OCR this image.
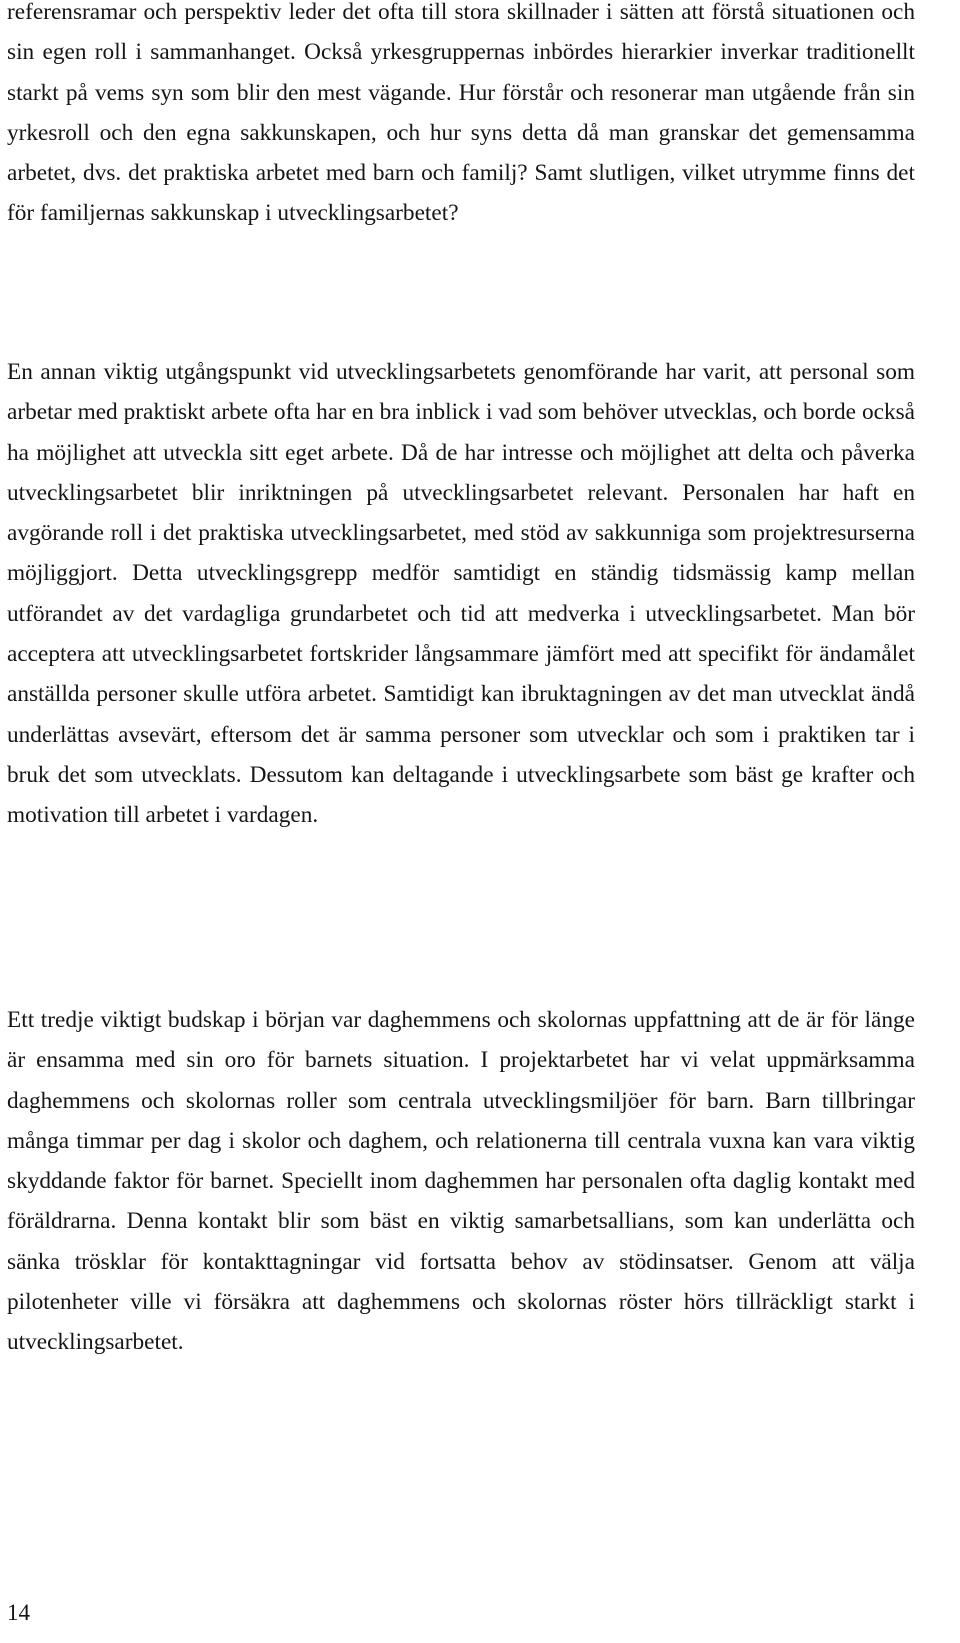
referensramar och perspektiv leder det ofta till stora skillnader i sätten att förstå situationen och sin egen roll i sammanhanget. Också yrkesgruppernas inbördes hierarkier inverkar traditionellt starkt på vems syn som blir den mest vägande. Hur förstår och resonerar man utgående från sin yrkesroll och den egna sakkunskapen, och hur syns detta då man granskar det gemensamma arbetet, dvs. det praktiska arbetet med barn och familj? Samt slutligen, vilket utrymme finns det för familjernas sakkunskap i utvecklingsarbetet?

En annan viktig utgångspunkt vid utvecklingsarbetets genomförande har varit, att personal som arbetar med praktiskt arbete ofta har en bra inblick i vad som behöver utvecklas, och borde också ha möjlighet att utveckla sitt eget arbete. Då de har intresse och möjlighet att delta och påverka utvecklingsarbetet blir inriktningen på utvecklingsarbetet relevant. Personalen har haft en avgörande roll i det praktiska utvecklingsarbetet, med stöd av sakkunniga som projektresurserna möjliggjort. Detta utvecklingsgrepp medför samtidigt en ständig tidsmässig kamp mellan utförandet av det vardagliga grundarbetet och tid att medverka i utvecklingsarbetet. Man bör acceptera att utvecklingsarbetet fortskrider långsammare jämfört med att specifikt för ändamålet anställda personer skulle utföra arbetet. Samtidigt kan ibruktagningen av det man utvecklat ändå underlättas avsevärt, eftersom det är samma personer som utvecklar och som i praktiken tar i bruk det som utvecklats. Dessutom kan deltagande i utvecklingsarbete som bäst ge krafter och motivation till arbetet i vardagen.

Ett tredje viktigt budskap i början var daghemmens och skolornas uppfattning att de är för länge är ensamma med sin oro för barnets situation. I projektarbetet har vi velat uppmärksamma daghemmens och skolornas roller som centrala utvecklingsmiljöer för barn. Barn tillbringar många timmar per dag i skolor och daghem, och relationerna till centrala vuxna kan vara viktig skyddande faktor för barnet. Speciellt inom daghemmen har personalen ofta daglig kontakt med föräldrarna. Denna kontakt blir som bäst en viktig samarbetsallians, som kan underlätta och sänka trösklar för kontakttagningar vid fortsatta behov av stödinsatser. Genom att välja pilotenheter ville vi försäkra att daghemmens och skolornas röster hörs tillräckligt starkt i utvecklingsarbetet.

14
